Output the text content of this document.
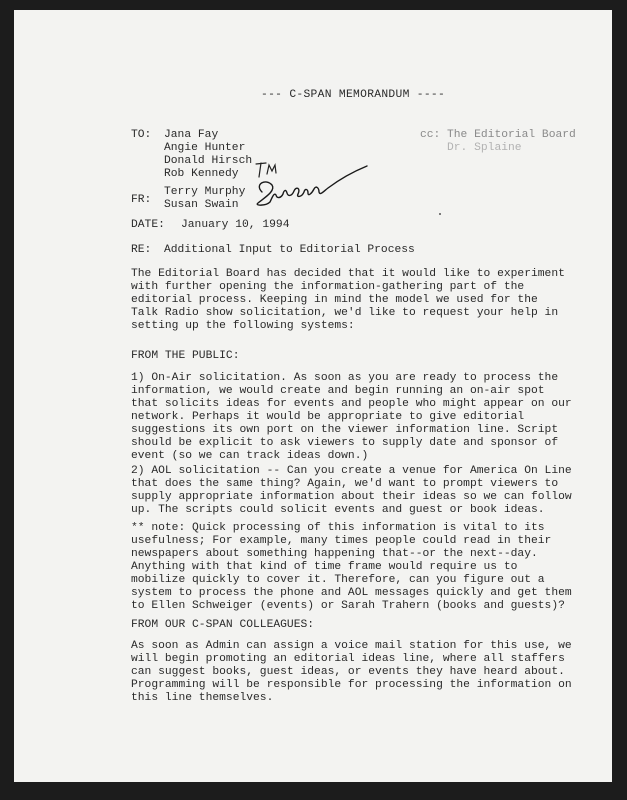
--- C-SPAN MEMORANDUM ----
TO: Jana Fay
Angie Hunter
Donald Hirsch
Rob Kennedy
cc: The Editorial Board
Dr. Splaine
FR:
Terry Murphy
Susan Swain
DATE: January 10, 1994
RE: Additional Input to Editorial Process
The Editorial Board has decided that it would like to experiment
with further opening the information-gathering part of the
editorial process. Keeping in mind the model we used for the
Talk Radio show solicitation, we'd like to request your help in
setting up the following systems:
FROM THE PUBLIC:
1) On-Air solicitation. As soon as you are ready to process the
information, we would create and begin running an on-air spot
that solicits ideas for events and people who might appear on our
network. Perhaps it would be appropriate to give editorial
suggestions its own port on the viewer information line. Script
should be explicit to ask viewers to supply date and sponsor of
event (so we can track ideas down.)
2) AOL solicitation -- Can you create a venue for America On Line
that does the same thing? Again, we'd want to prompt viewers to
supply appropriate information about their ideas so we can follow
up. The scripts could solicit events and guest or book ideas.
** note: Quick processing of this information is vital to its
usefulness; For example, many times people could read in their
newspapers about something happening that--or the next--day.
Anything with that kind of time frame would require us to
mobilize quickly to cover it. Therefore, can you figure out a
system to process the phone and AOL messages quickly and get them
to Ellen Schweiger (events) or Sarah Trahern (books and guests)?
FROM OUR C-SPAN COLLEAGUES:
As soon as Admin can assign a voice mail station for this use, we
will begin promoting an editorial ideas line, where all staffers
can suggest books, guest ideas, or events they have heard about.
Programming will be responsible for processing the information on
this line themselves.
